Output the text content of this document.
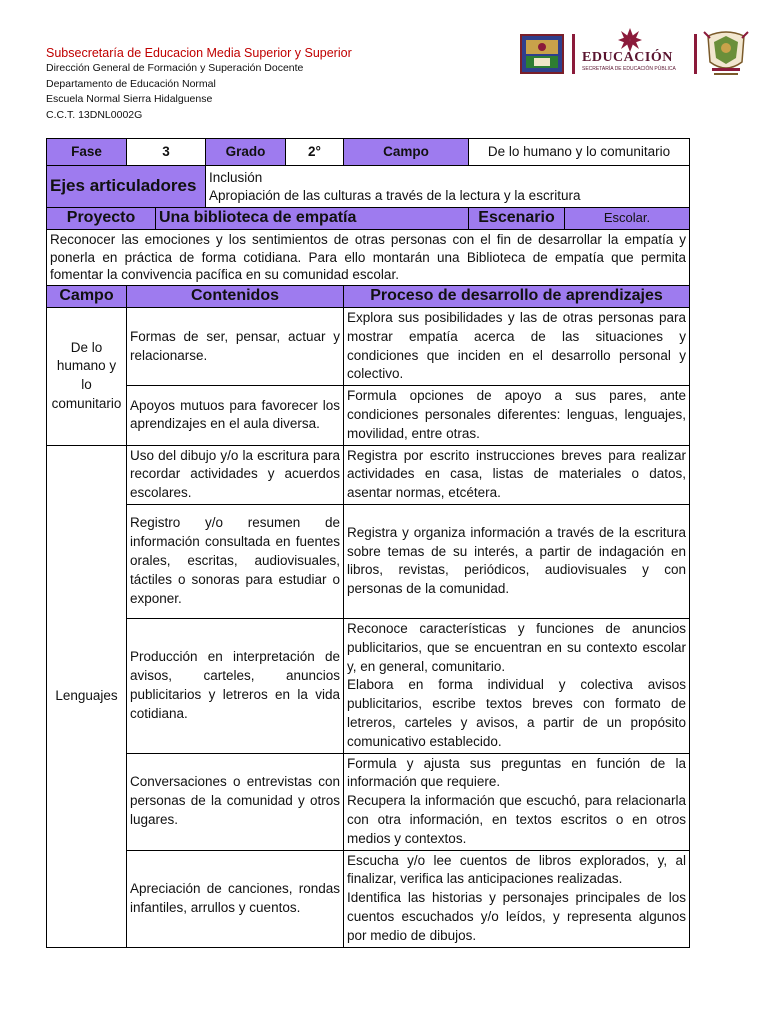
Subsecretaría de Educacion Media Superior y Superior
Dirección General de Formación y Superación Docente
Departamento de Educación Normal
Escuela Normal Sierra Hidalguense
C.C.T. 13DNL0002G
EDUCACIÓN
SECRETARÍA DE EDUCACIÓN PÚBLICA
Fase	3		Grado	2°	Campo	De lo humano y lo comunitario	
Ejes articuladores			Inclusión
Apropiación de las culturas a través de la lectura y la escritura				

Proyecto		Una biblioteca de empatía				Escenario	Escolar.
Reconocer las emociones y los sentimientos de otras personas con el fin de desarrollar la empatía y ponerla en práctica de forma cotidiana. Para ello montarán una Biblioteca de empatía que permita fomentar la convivencia pacífica en su comunidad escolar.							
Campo	Contenidos				Proceso de desarrollo de aprendizajes		
De lo humano y lo comunitario	Formas de ser, pensar, actuar y relacionarse.				Explora sus posibilidades y las de otras personas para mostrar empatía acerca de las situaciones y condiciones que inciden en el desarrollo personal y colectivo.		
	Apoyos mutuos para favorecer los aprendizajes en el aula diversa.				Formula opciones de apoyo a sus pares, ante condiciones personales diferentes: lenguas, lenguajes, movilidad, entre otras.		
Lenguajes	Uso del dibujo y/o la escritura para recordar actividades y acuerdos escolares.				Registra por escrito instrucciones breves para realizar actividades en casa, listas de materiales o datos, asentar normas, etcétera.		
	Registro y/o resumen de información consultada en fuentes orales, escritas, audiovisuales, táctiles o sonoras para estudiar o exponer.				Registra y organiza información a través de la escritura sobre temas de su interés, a partir de indagación en libros, revistas, periódicos, audiovisuales y con personas de la comunidad.		
	Producción en interpretación de avisos, carteles, anuncios publicitarios y letreros en la vida cotidiana.				Reconoce características y funciones de anuncios publicitarios, que se encuentran en su contexto escolar y, en general, comunitario.
Elabora en forma individual y colectiva avisos publicitarios, escribe textos breves con formato de letreros, carteles y avisos, a partir de un propósito comunicativo establecido.		

	Conversaciones o entrevistas con personas de la comunidad y otros lugares.				Formula y ajusta sus preguntas en función de la información que requiere.
Recupera la información que escuchó, para relacionarla con otra información, en textos escritos o en otros medios y contextos.		

	Apreciación de canciones, rondas infantiles, arrullos y cuentos.				Escucha y/o lee cuentos de libros explorados, y, al finalizar, verifica las anticipaciones realizadas.
Identifica las historias y personajes principales de los cuentos escuchados y/o leídos, y representa algunos por medio de dibujos.		
